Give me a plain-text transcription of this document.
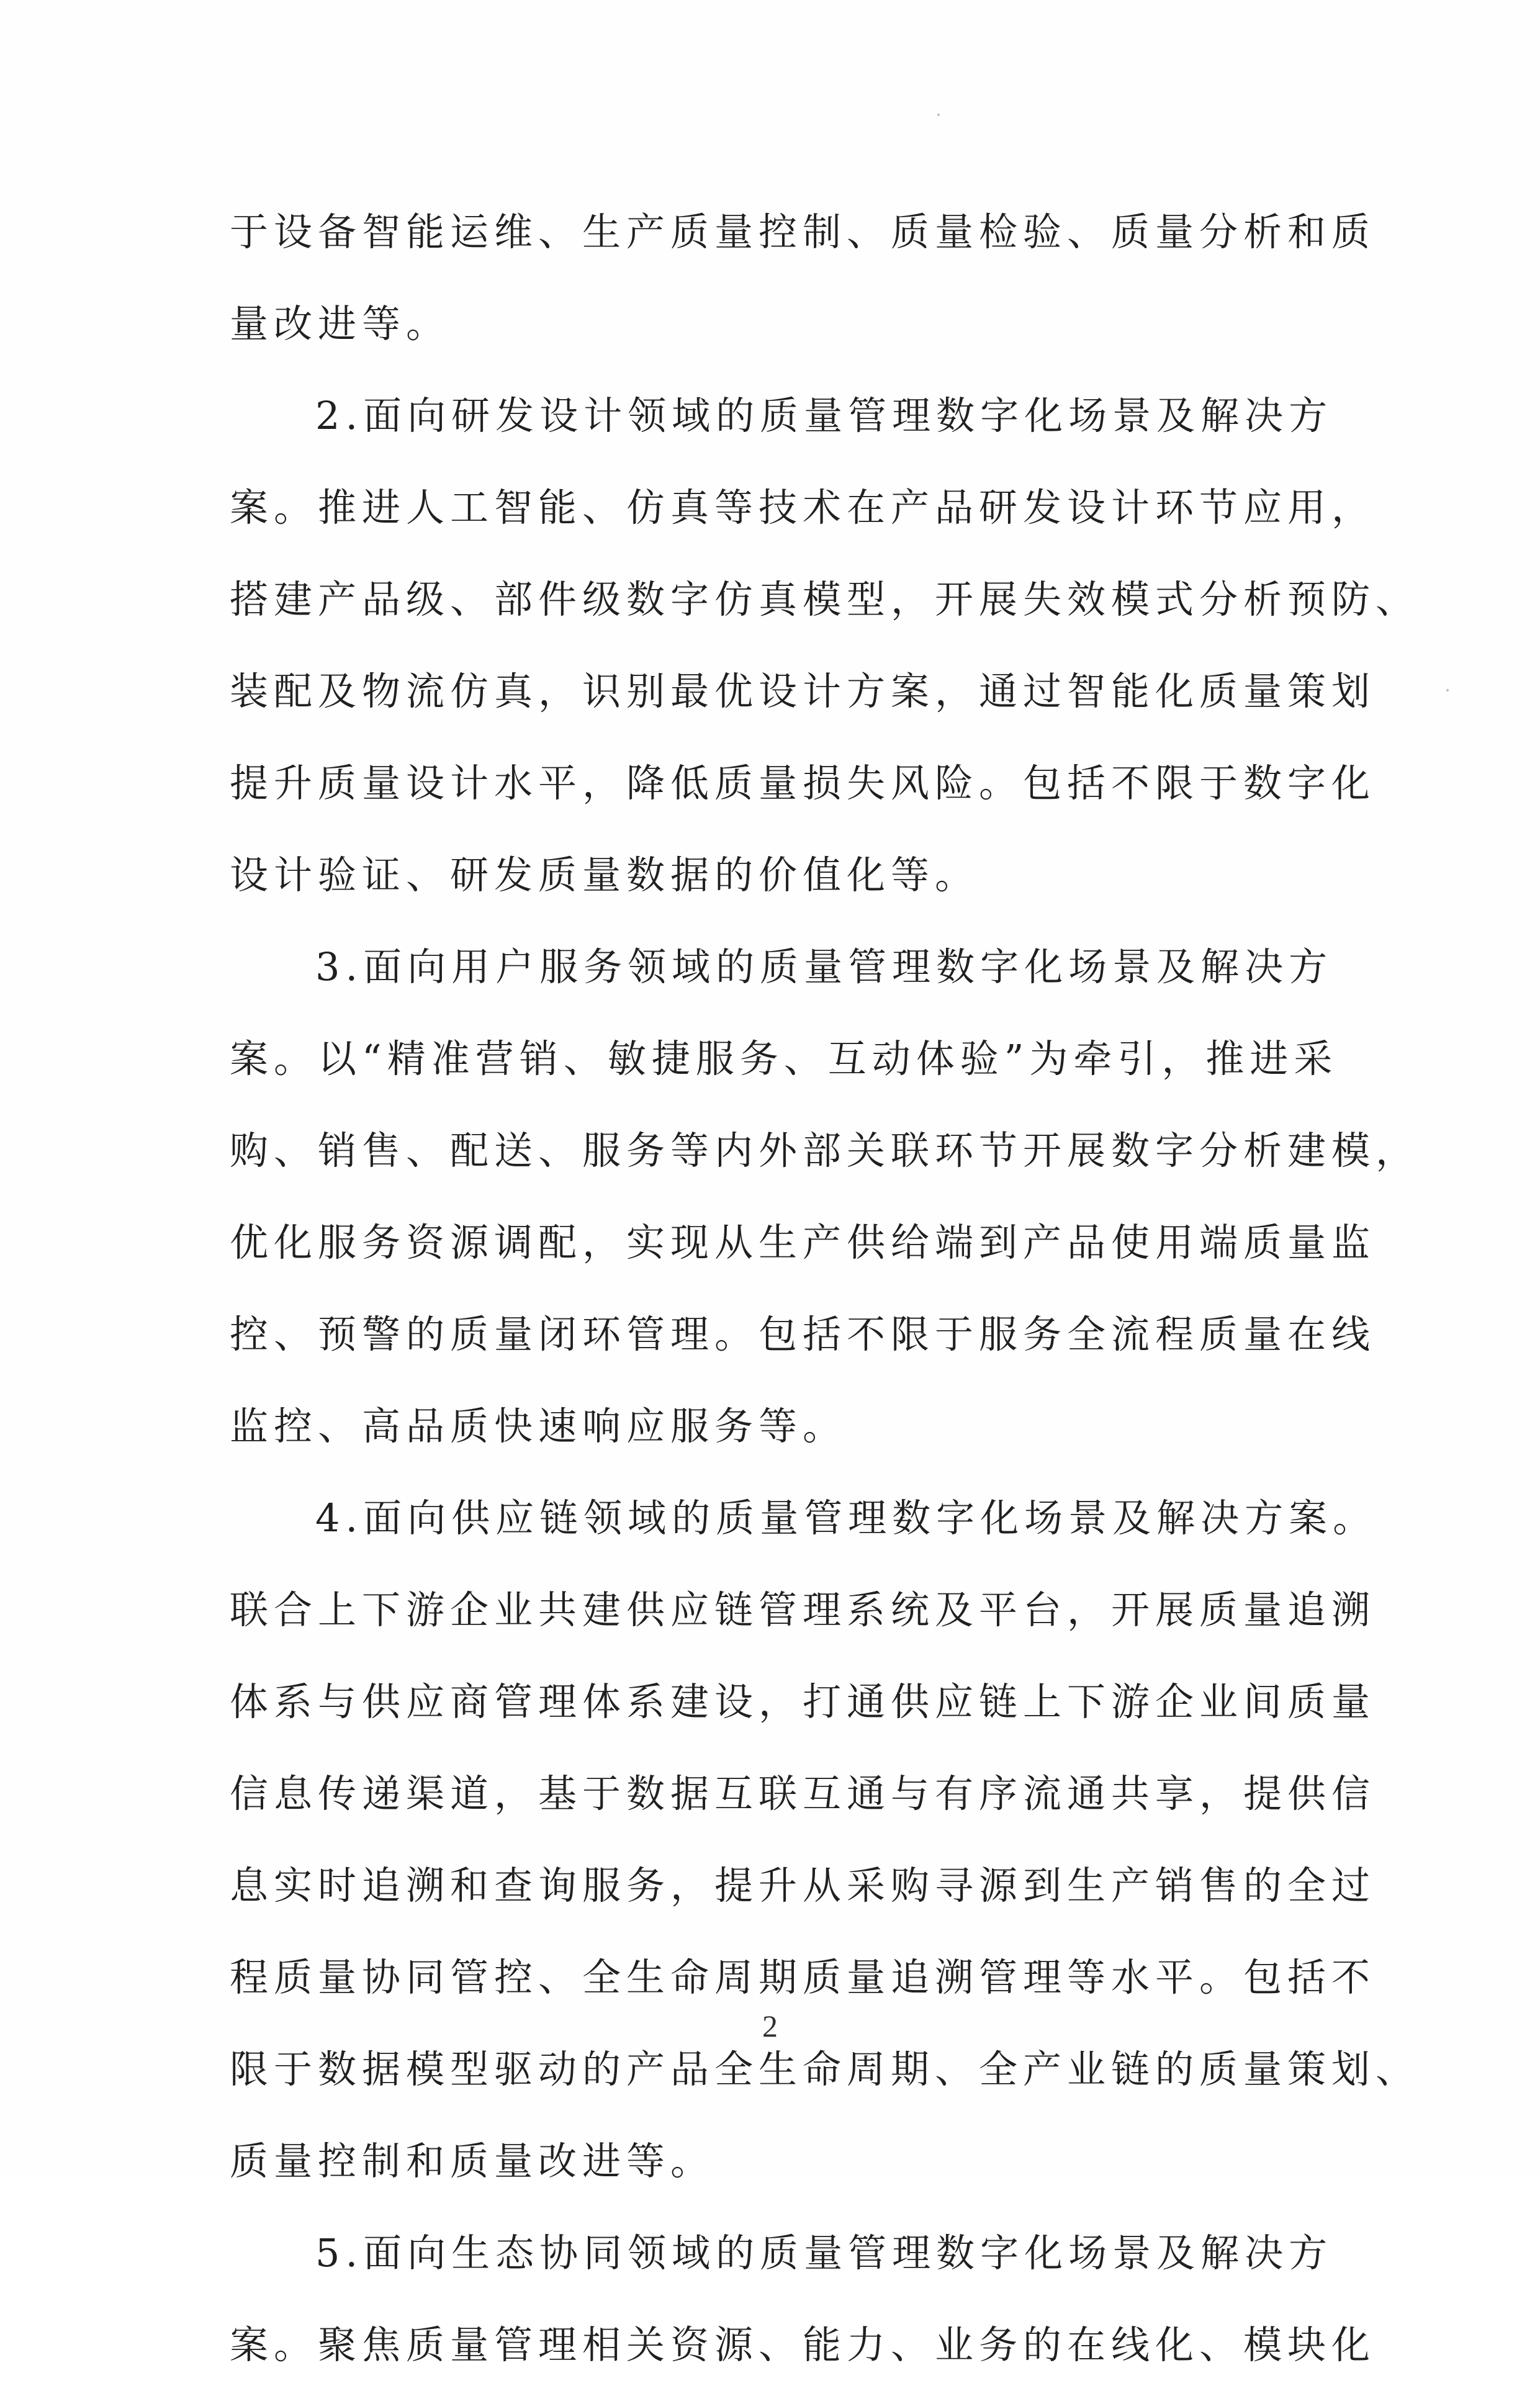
于设备智能运维、生产质量控制、质量检验、质量分析和质
量改进等。
2.面向研发设计领域的质量管理数字化场景及解决方
案。推进人工智能、仿真等技术在产品研发设计环节应用，
搭建产品级、部件级数字仿真模型，开展失效模式分析预防、
装配及物流仿真，识别最优设计方案，通过智能化质量策划
提升质量设计水平，降低质量损失风险。包括不限于数字化
设计验证、研发质量数据的价值化等。
3.面向用户服务领域的质量管理数字化场景及解决方
案。以“精准营销、敏捷服务、互动体验”为牵引，推进采
购、销售、配送、服务等内外部关联环节开展数字分析建模，
优化服务资源调配，实现从生产供给端到产品使用端质量监
控、预警的质量闭环管理。包括不限于服务全流程质量在线
监控、高品质快速响应服务等。
4.面向供应链领域的质量管理数字化场景及解决方案。
联合上下游企业共建供应链管理系统及平台，开展质量追溯
体系与供应商管理体系建设，打通供应链上下游企业间质量
信息传递渠道，基于数据互联互通与有序流通共享，提供信
息实时追溯和查询服务，提升从采购寻源到生产销售的全过
程质量协同管控、全生命周期质量追溯管理等水平。包括不
限于数据模型驱动的产品全生命周期、全产业链的质量策划、
质量控制和质量改进等。
5.面向生态协同领域的质量管理数字化场景及解决方
案。聚焦质量管理相关资源、能力、业务的在线化、模块化
2
